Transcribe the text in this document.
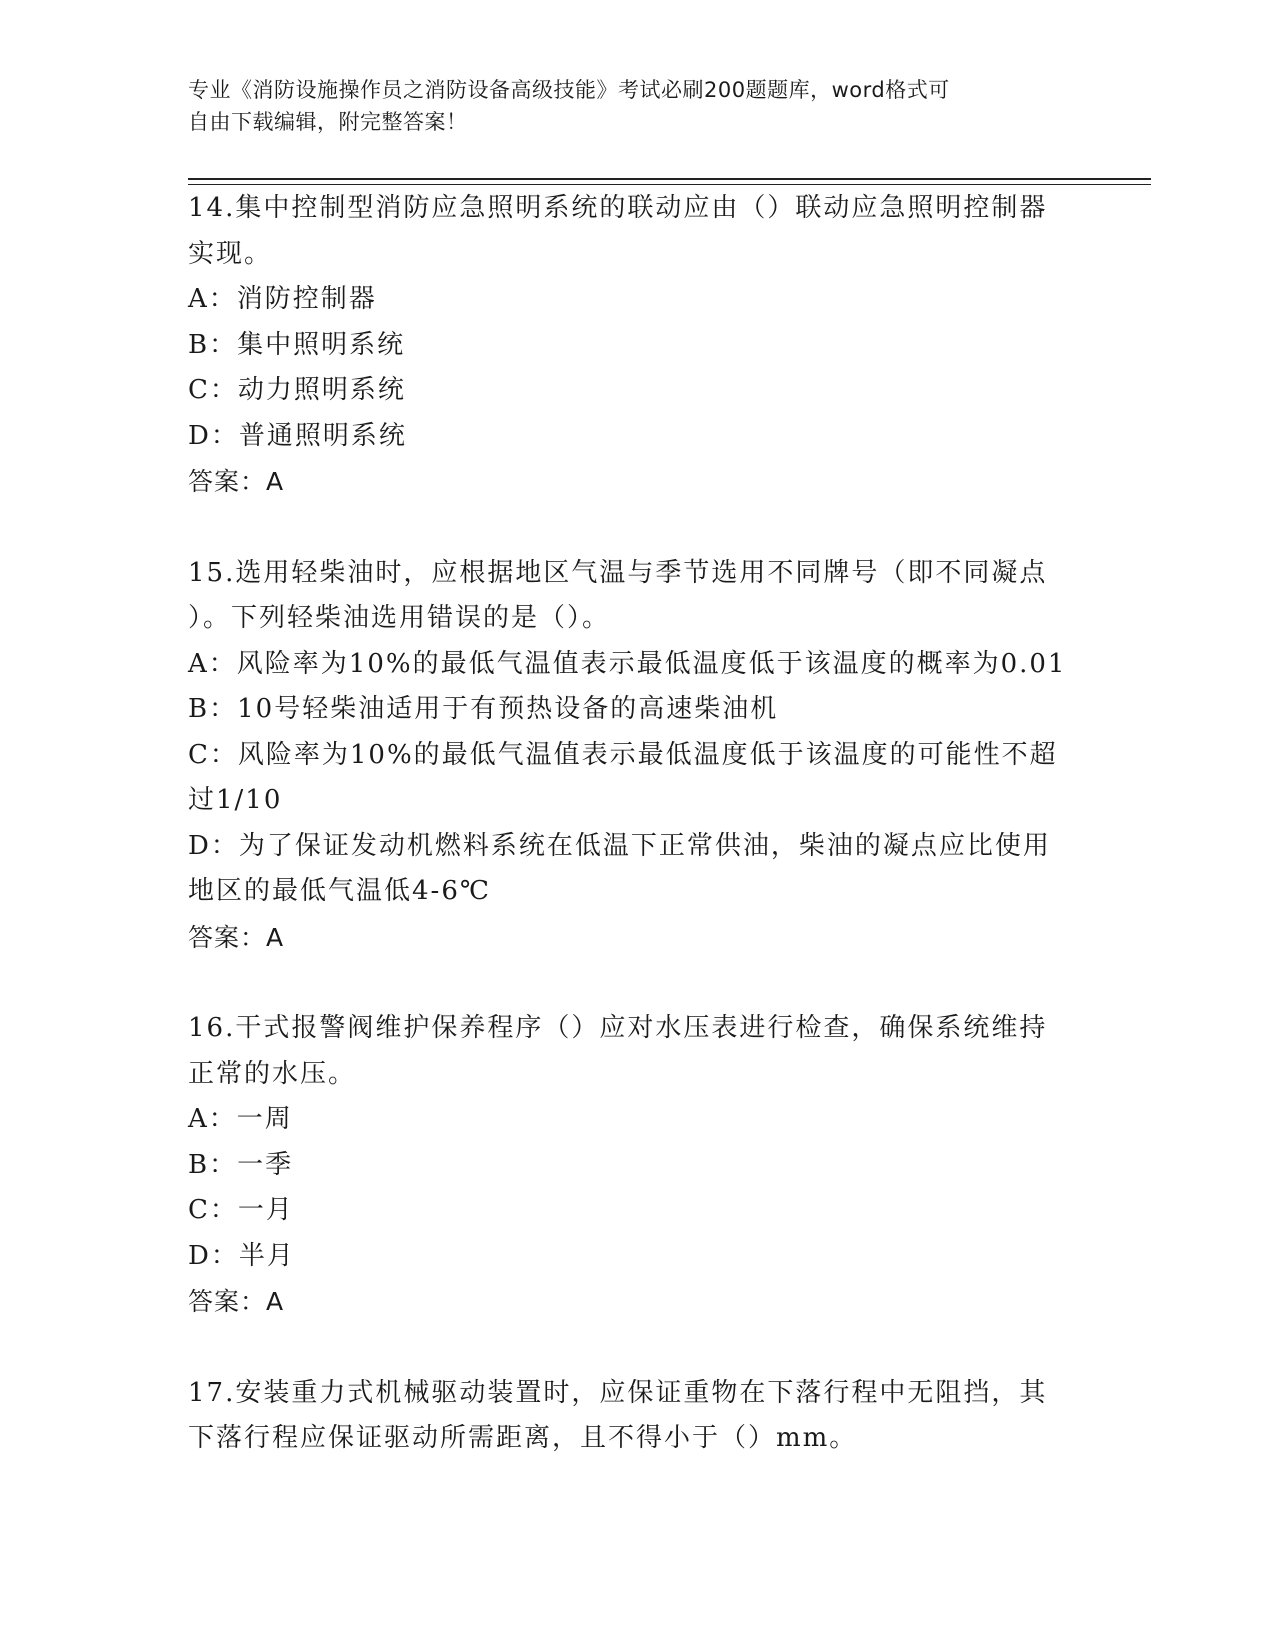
专业《消防设施操作员之消防设备高级技能》考试必刷200题题库，word格式可
自由下载编辑，附完整答案！
14.集中控制型消防应急照明系统的联动应由（）联动应急照明控制器
实现。
A：消防控制器
B：集中照明系统
C：动力照明系统
D：普通照明系统
答案：A
15.选用轻柴油时，应根据地区气温与季节选用不同牌号（即不同凝点
）。下列轻柴油选用错误的是（）。
A：风险率为10%的最低气温值表示最低温度低于该温度的概率为0.01
B：10号轻柴油适用于有预热设备的高速柴油机
C：风险率为10%的最低气温值表示最低温度低于该温度的可能性不超
过1/10
D：为了保证发动机燃料系统在低温下正常供油，柴油的凝点应比使用
地区的最低气温低4-6℃
答案：A
16.干式报警阀维护保养程序（）应对水压表进行检查，确保系统维持
正常的水压。
A：一周
B：一季
C：一月
D：半月
答案：A
17.安装重力式机械驱动装置时，应保证重物在下落行程中无阻挡，其
下落行程应保证驱动所需距离，且不得小于（）mm。
